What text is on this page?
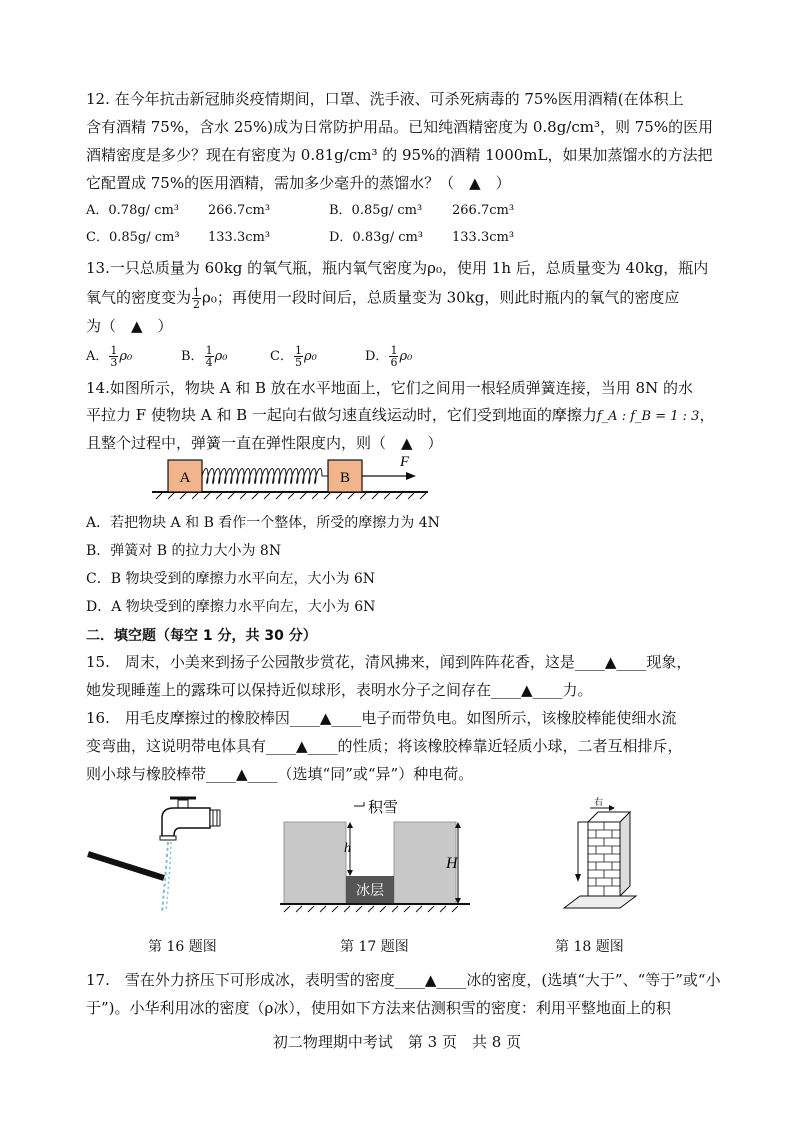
12. 在今年抗击新冠肺炎疫情期间，口罩、洗手液、可杀死病毒的 75%医用酒精(在体积上
含有酒精 75%，含水 25%)成为日常防护用品。已知纯酒精密度为 0.8g/cm³，则 75%的医用
酒精密度是多少？现在有密度为 0.81g/cm³ 的 95%的酒精 1000mL，如果加蒸馏水的方法把
它配置成 75%的医用酒精，需加多少毫升的蒸馏水？（　▲　）
A．0.78g/ cm³ 266.7cm³	B．0.85g/ cm³ 266.7cm³
C．0.85g/ cm³ 133.3cm³	D．0.83g/ cm³ 133.3cm³
13.一只总质量为 60kg 的氧气瓶，瓶内氧气密度为ρ₀，使用 1h 后，总质量变为 40kg，瓶内
氧气的密度变为 $\frac{1}{2} \rho_0$；再使用一段时间后，总质量变为 30kg，则此时瓶内的氧气的密度应
为（　▲　）
A． $\frac{1}{3} \rho_0$	B． $\frac{1}{4} \rho_0$	C． $\frac{1}{5} \rho_0$	D． $\frac{1}{6} \rho_0$
14.如图所示，物块 A 和 B 放在水平地面上，它们之间用一根轻质弹簧连接，当用 8N 的水
平拉力 F 使物块 A 和 B 一起向右做匀速直线运动时，它们受到地面的摩擦力f_A : f_B = 1 : 3，
且整个过程中，弹簧一直在弹性限度内，则（　▲　）
A	B
F
A．若把物块 A 和 B 看作一个整体，所受的摩擦力为 4N
B．弹簧对 B 的拉力大小为 8N
C．B 物块受到的摩擦力水平向左，大小为 6N
D．A 物块受到的摩擦力水平向左，大小为 6N
二．填空题（每空 1 分，共 30 分）
15.　周末，小美来到扬子公园散步赏花，清风拂来，闻到阵阵花香，这是____▲____现象，
她发现睡莲上的露珠可以保持近似球形，表明水分子之间存在____▲____力。
16.　用毛皮摩擦过的橡胶棒因____▲____电子而带负电。如图所示，该橡胶棒能使细水流
变弯曲，这说明带电体具有____▲____的性质；将该橡胶棒靠近轻质小球，二者互相排斥，
则小球与橡胶棒带____▲____（选填“同”或“异”）种电荷。
积雪
冰层
h
H
右
第 16 题图	第 17 题图	第 18 题图
17.　雪在外力挤压下可形成冰，表明雪的密度____▲____冰的密度，(选填“大于”、“等于”或“小
于”)。小华利用冰的密度（ρ冰），使用如下方法来估测积雪的密度：利用平整地面上的积
初二物理期中考试　第 3 页　共 8 页
